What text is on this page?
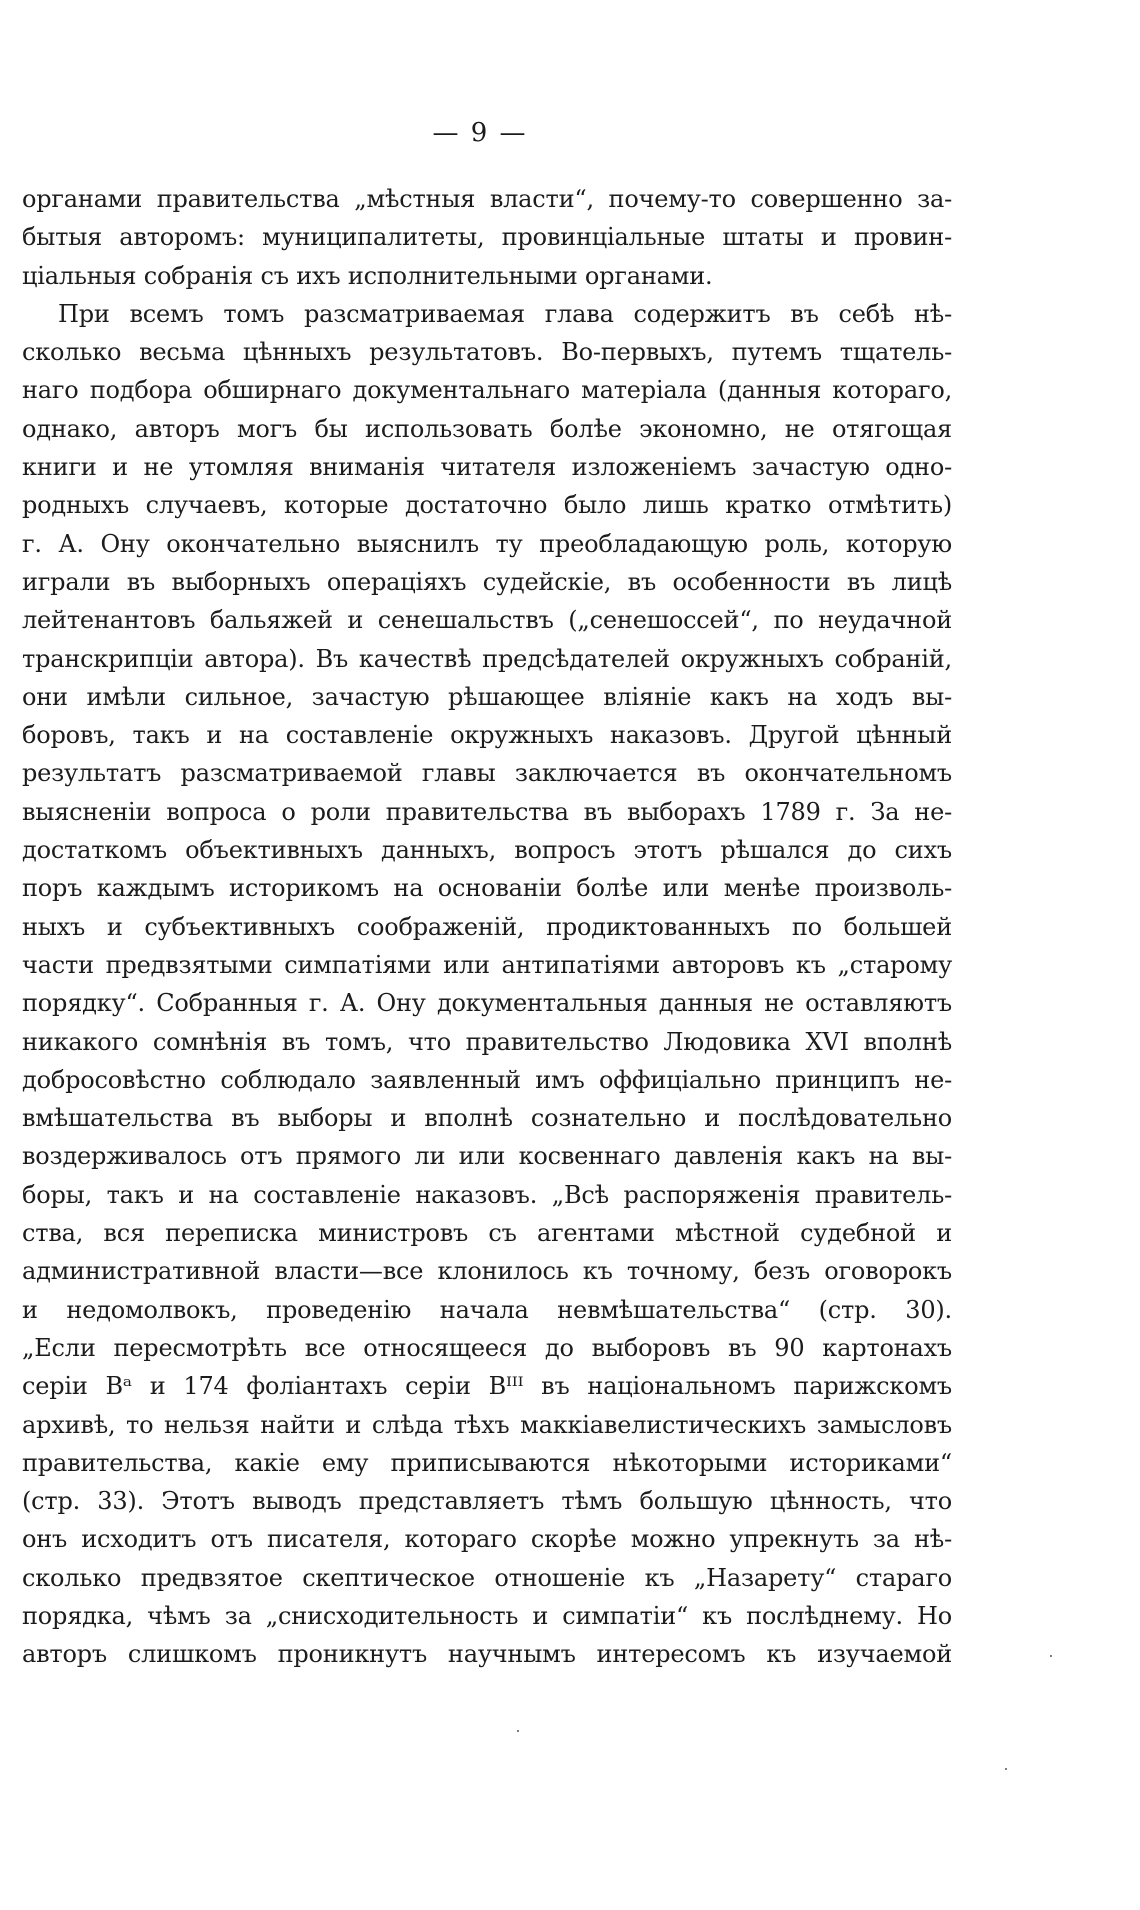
— 9 —
органами правительства „мѣстныя власти“, почему-то совершенно за-
бытыя авторомъ: муниципалитеты, провинціальные штаты и провин-
ціальныя собранія съ ихъ исполнительными органами.
При всемъ томъ разсматриваемая глава содержитъ въ себѣ нѣ-
сколько весьма цѣнныхъ результатовъ. Во-первыхъ, путемъ тщатель-
наго подбора обширнаго документальнаго матеріала (данныя котораго,
однако, авторъ могъ бы использовать болѣе экономно, не отягощая
книги и не утомляя вниманія читателя изложеніемъ зачастую одно-
родныхъ случаевъ, которые достаточно было лишь кратко отмѣтить)
г. А. Ону окончательно выяснилъ ту преобладающую роль, которую
играли въ выборныхъ операціяхъ судейскіе, въ особенности въ лицѣ
лейтенантовъ бальяжей и сенешальствъ („сенешоссей“, по неудачной
транскрипціи автора). Въ качествѣ предсѣдателей окружныхъ собраній,
они имѣли сильное, зачастую рѣшающее вліяніе какъ на ходъ вы-
боровъ, такъ и на составленіе окружныхъ наказовъ. Другой цѣнный
результатъ разсматриваемой главы заключается въ окончательномъ
выясненіи вопроса о роли правительства въ выборахъ 1789 г. За не-
достаткомъ объективныхъ данныхъ, вопросъ этотъ рѣшался до сихъ
поръ каждымъ историкомъ на основаніи болѣе или менѣе произволь-
ныхъ и субъективныхъ соображеній, продиктованныхъ по большей
части предвзятыми симпатіями или антипатіями авторовъ къ „старому
порядку“. Собранныя г. А. Ону документальныя данныя не оставляютъ
никакого сомнѣнія въ томъ, что правительство Людовика XVI вполнѣ
добросовѣстно соблюдало заявленный имъ оффиціально принципъ не-
вмѣшательства въ выборы и вполнѣ сознательно и послѣдовательно
воздерживалось отъ прямого ли или косвеннаго давленія какъ на вы-
боры, такъ и на составленіе наказовъ. „Всѣ распоряженія правитель-
ства, вся переписка министровъ съ агентами мѣстной судебной и
административной власти—все клонилось къ точному, безъ оговорокъ
и недомолвокъ, проведенію начала невмѣшательства“ (стр. 30).
„Если пересмотрѣть все относящееся до выборовъ въ 90 картонахъ
серіи Bᵃ и 174 фоліантахъ серіи Bᴵᴵᴵ въ національномъ парижскомъ
архивѣ, то нельзя найти и слѣда тѣхъ маккіавелистическихъ замысловъ
правительства, какіе ему приписываются нѣкоторыми историками“
(стр. 33). Этотъ выводъ представляетъ тѣмъ большую цѣнность, что
онъ исходитъ отъ писателя, котораго скорѣе можно упрекнуть за нѣ-
сколько предвзятое скептическое отношеніе къ „Назарету“ стараго
порядка, чѣмъ за „снисходительность и симпатіи“ къ послѣднему. Но
авторъ слишкомъ проникнутъ научнымъ интересомъ къ изучаемой
